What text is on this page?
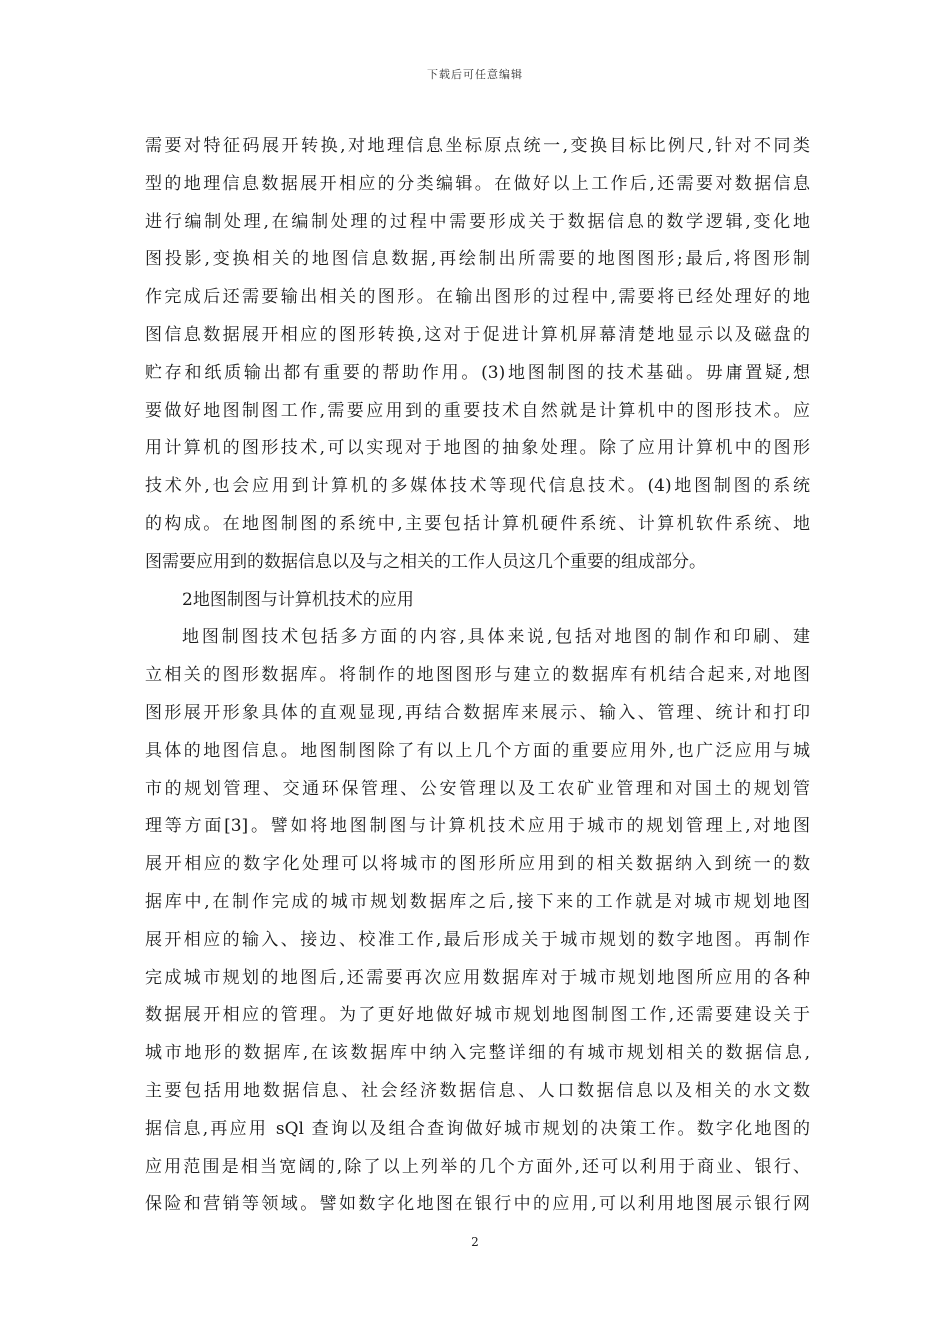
下载后可任意编辑
需要对特征码展开转换,对地理信息坐标原点统一,变换目标比例尺,针对不同类
型的地理信息数据展开相应的分类编辑。在做好以上工作后,还需要对数据信息
进行编制处理,在编制处理的过程中需要形成关于数据信息的数学逻辑,变化地
图投影,变换相关的地图信息数据,再绘制出所需要的地图图形;最后,将图形制
作完成后还需要输出相关的图形。在输出图形的过程中,需要将已经处理好的地
图信息数据展开相应的图形转换,这对于促进计算机屏幕清楚地显示以及磁盘的
贮存和纸质输出都有重要的帮助作用。(3)地图制图的技术基础。毋庸置疑,想
要做好地图制图工作,需要应用到的重要技术自然就是计算机中的图形技术。应
用计算机的图形技术,可以实现对于地图的抽象处理。除了应用计算机中的图形
技术外,也会应用到计算机的多媒体技术等现代信息技术。(4)地图制图的系统
的构成。在地图制图的系统中,主要包括计算机硬件系统、计算机软件系统、地
图需要应用到的数据信息以及与之相关的工作人员这几个重要的组成部分。
2地图制图与计算机技术的应用
地图制图技术包括多方面的内容,具体来说,包括对地图的制作和印刷、建
立相关的图形数据库。将制作的地图图形与建立的数据库有机结合起来,对地图
图形展开形象具体的直观显现,再结合数据库来展示、输入、管理、统计和打印
具体的地图信息。地图制图除了有以上几个方面的重要应用外,也广泛应用与城
市的规划管理、交通环保管理、公安管理以及工农矿业管理和对国土的规划管
理等方面[3]。譬如将地图制图与计算机技术应用于城市的规划管理上,对地图
展开相应的数字化处理可以将城市的图形所应用到的相关数据纳入到统一的数
据库中,在制作完成的城市规划数据库之后,接下来的工作就是对城市规划地图
展开相应的输入、接边、校准工作,最后形成关于城市规划的数字地图。再制作
完成城市规划的地图后,还需要再次应用数据库对于城市规划地图所应用的各种
数据展开相应的管理。为了更好地做好城市规划地图制图工作,还需要建设关于
城市地形的数据库,在该数据库中纳入完整详细的有城市规划相关的数据信息,
主要包括用地数据信息、社会经济数据信息、人口数据信息以及相关的水文数
据信息,再应用 sQl 查询以及组合查询做好城市规划的决策工作。数字化地图的
应用范围是相当宽阔的,除了以上列举的几个方面外,还可以利用于商业、银行、
保险和营销等领域。譬如数字化地图在银行中的应用,可以利用地图展示银行网
2
